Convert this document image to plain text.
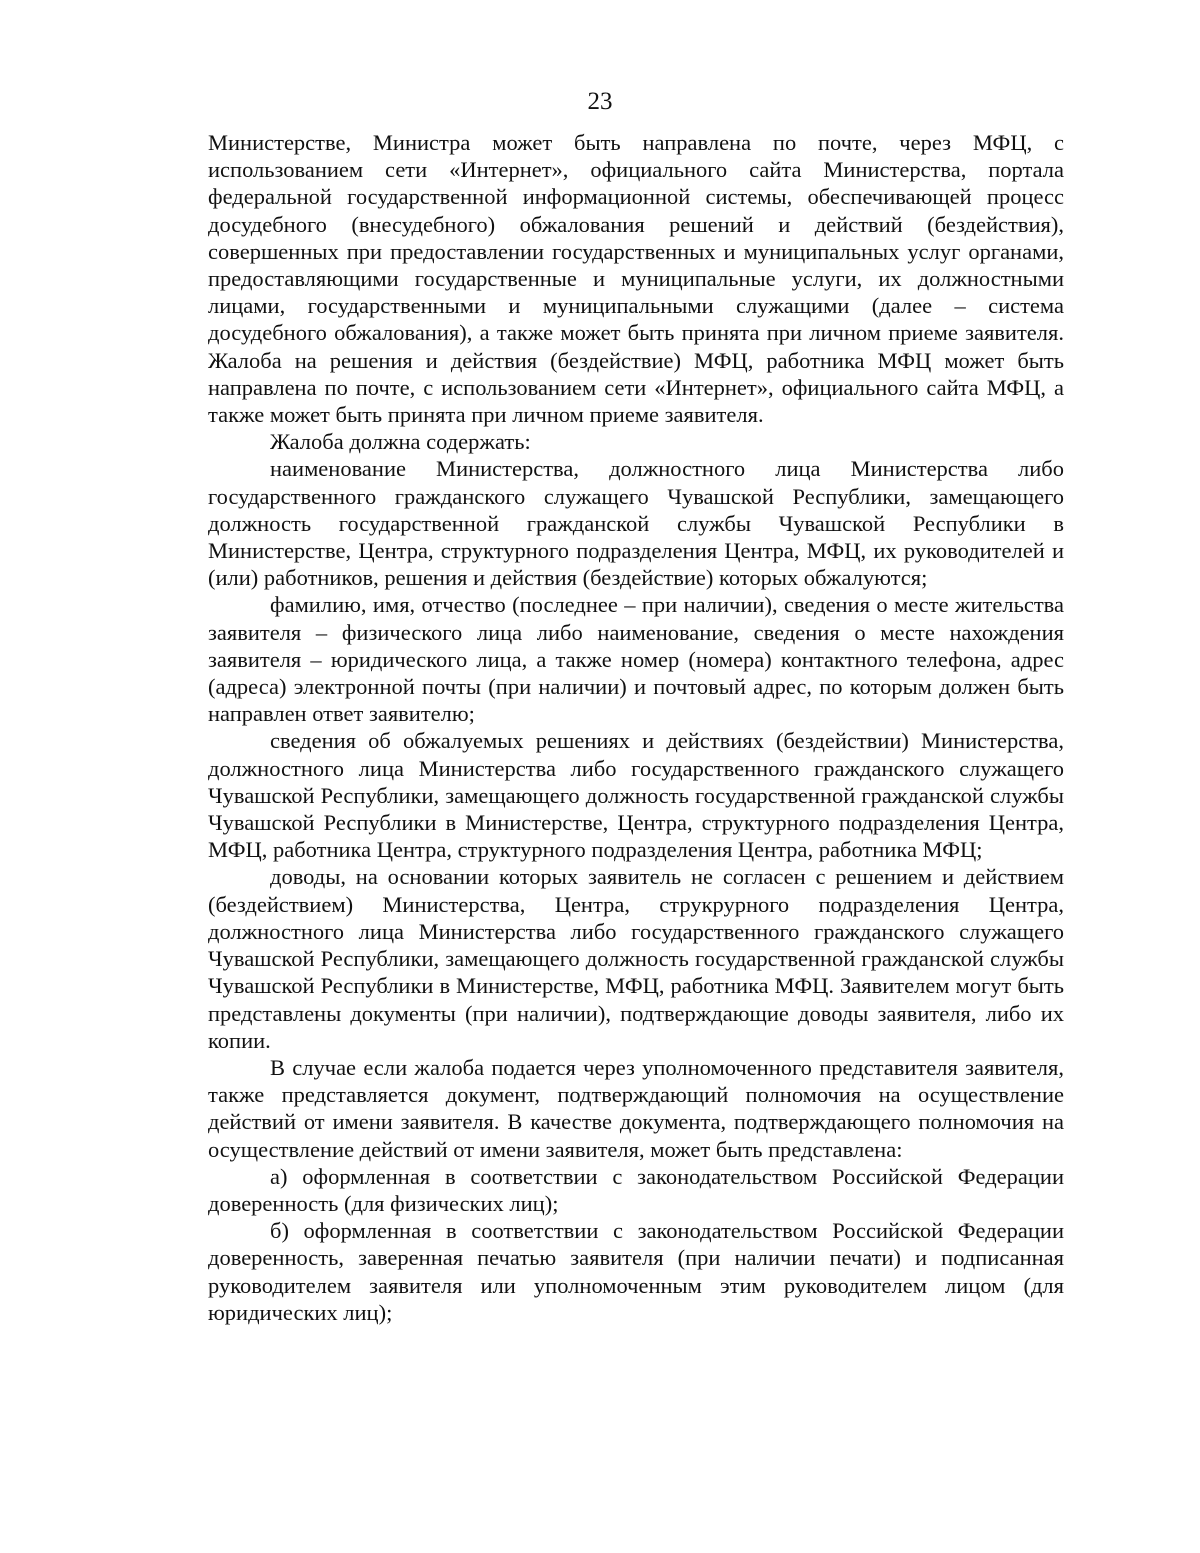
23

Министерстве, Министра может быть направлена по почте, через МФЦ, с использованием сети «Интернет», официального сайта Министерства, портала федеральной государственной информационной системы, обеспечивающей процесс досудебного (внесудебного) обжалования решений и действий (бездействия), совершенных при предоставлении государственных и муниципальных услуг органами, предоставляющими государственные и муниципальные услуги, их должностными лицами, государственными и муниципальными служащими (далее – система досудебного обжалования), а также может быть принята при личном приеме заявителя. Жалоба на решения и действия (бездействие) МФЦ, работника МФЦ может быть направлена по почте, с использованием сети «Интернет», официального сайта МФЦ, а также может быть принята при личном приеме заявителя.

Жалоба должна содержать:

наименование Министерства, должностного лица Министерства либо государственного гражданского служащего Чувашской Республики, замещающего должность государственной гражданской службы Чувашской Республики в Министерстве, Центра, структурного подразделения Центра, МФЦ, их руководителей и (или) работников, решения и действия (бездействие) которых обжалуются;

фамилию, имя, отчество (последнее – при наличии), сведения о месте жительства заявителя – физического лица либо наименование, сведения о месте нахождения заявителя – юридического лица, а также номер (номера) контактного телефона, адрес (адреса) электронной почты (при наличии) и почтовый адрес, по которым должен быть направлен ответ заявителю;

сведения об обжалуемых решениях и действиях (бездействии) Министерства, должностного лица Министерства либо государственного гражданского служащего Чувашской Республики, замещающего должность государственной гражданской службы Чувашской Республики в Министерстве, Центра, структурного подразделения Центра, МФЦ, работника Центра, структурного подразделения Центра, работника МФЦ;

доводы, на основании которых заявитель не согласен с решением и действием (бездействием) Министерства, Центра, струкрурного подразделения Центра, должностного лица Министерства либо государственного гражданского служащего Чувашской Республики, замещающего должность государственной гражданской службы Чувашской Республики в Министерстве, МФЦ, работника МФЦ. Заявителем могут быть представлены документы (при наличии), подтверждающие доводы заявителя, либо их копии.

В случае если жалоба подается через уполномоченного представителя заявителя, также представляется документ, подтверждающий полномочия на осуществление действий от имени заявителя. В качестве документа, подтверждающего полномочия на осуществление действий от имени заявителя, может быть представлена:

а) оформленная в соответствии с законодательством Российской Федерации доверенность (для физических лиц);

б) оформленная в соответствии с законодательством Российской Федерации доверенность, заверенная печатью заявителя (при наличии печати) и подписанная руководителем заявителя или уполномоченным этим руководителем лицом (для юридических лиц);
